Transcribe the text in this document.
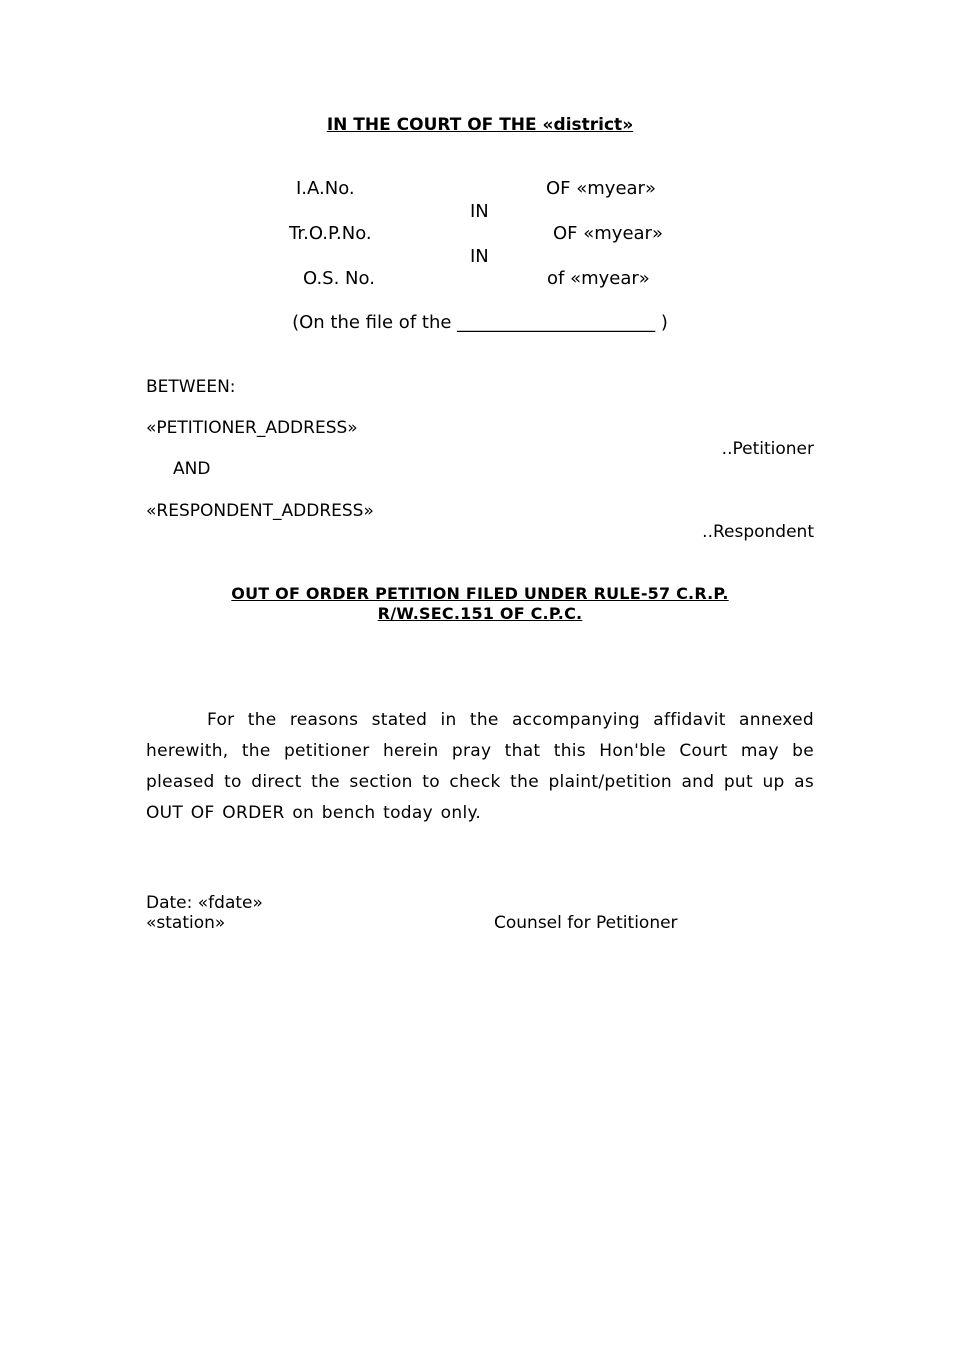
IN THE COURT OF THE «district»
I.A.No.	OF «myear»
IN
Tr.O.P.No.	OF «myear»
IN
O.S. No.	of «myear»
(On the file of the ______________________ )
BETWEEN:
«PETITIONER_ADDRESS»
..Petitioner
AND
«RESPONDENT_ADDRESS»
..Respondent
OUT OF ORDER PETITION FILED UNDER RULE-57 C.R.P.
R/W.SEC.151 OF C.P.C.
For the reasons stated in the accompanying affidavit annexed herewith, the petitioner herein pray that this Hon'ble Court may be pleased to direct the section to check the plaint/petition and put up as OUT OF ORDER on bench today only.
Date: «fdate»
«station»	Counsel for Petitioner
